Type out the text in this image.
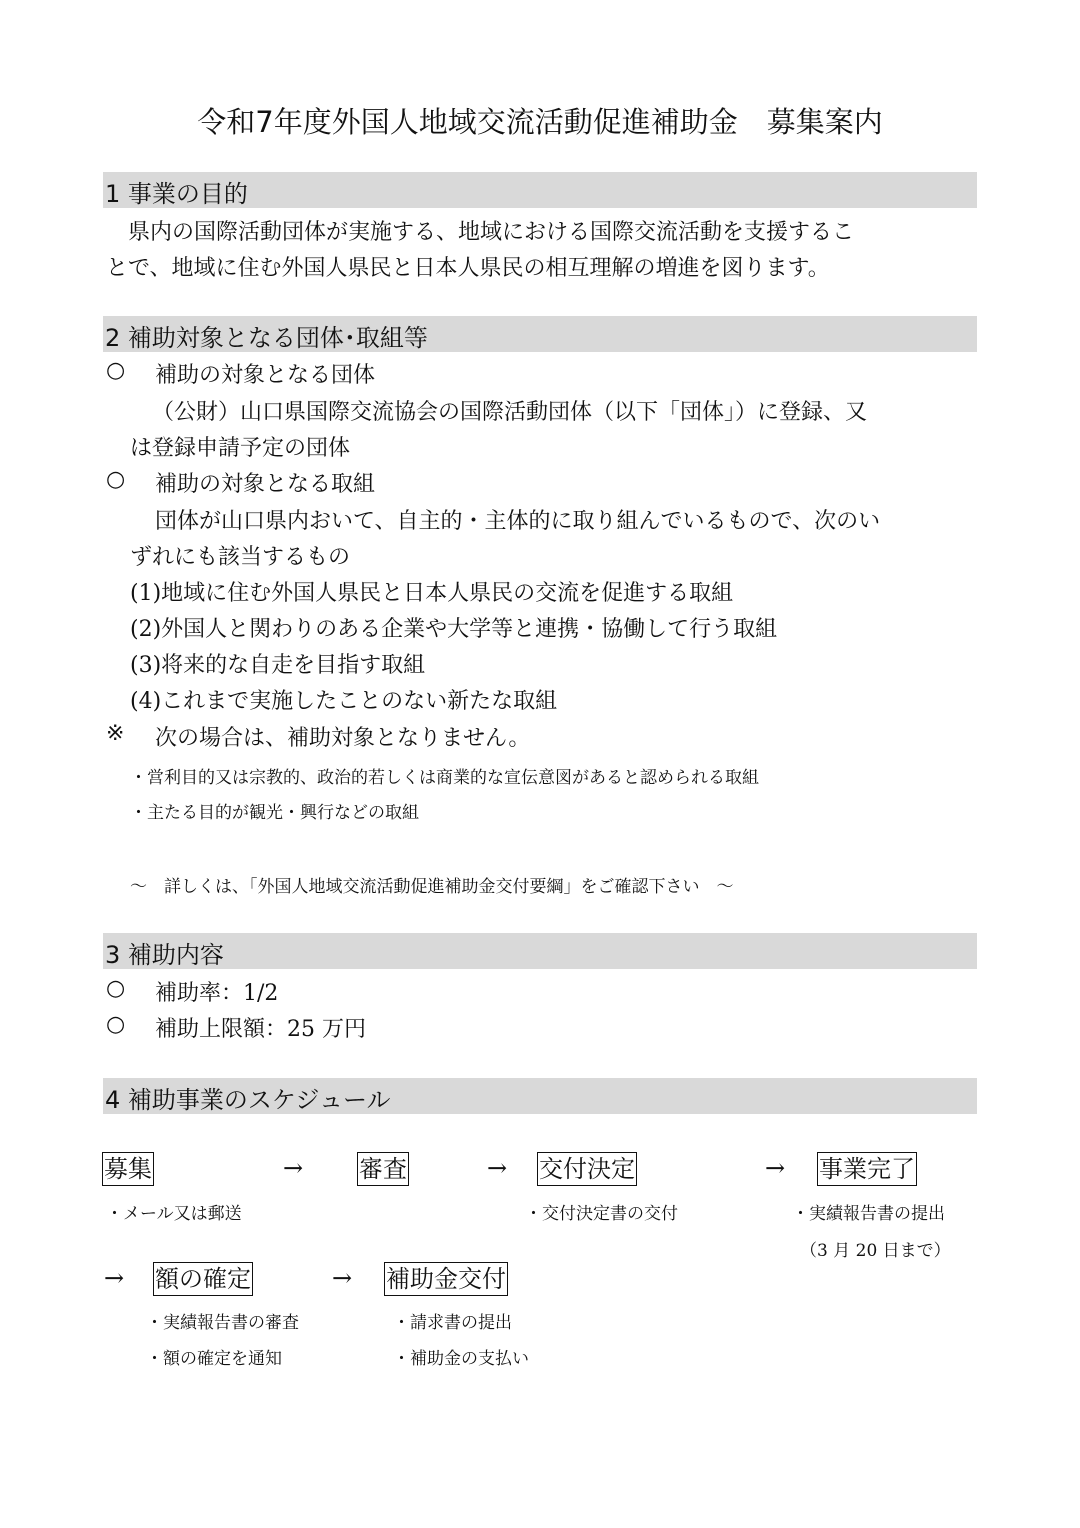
令和7年度外国人地域交流活動促進補助金　募集案内
1 事業の目的
県内の国際活動団体が実施する、地域における国際交流活動を支援するこ
とで、地域に住む外国人県民と日本人県民の相互理解の増進を図ります。
2 補助対象となる団体･取組等
○ 補助の対象となる団体
（公財）山口県国際交流協会の国際活動団体（以下「団体」）に登録、又
は登録申請予定の団体
○ 補助の対象となる取組
団体が山口県内おいて、自主的・主体的に取り組んでいるもので、次のい
ずれにも該当するもの
(1)地域に住む外国人県民と日本人県民の交流を促進する取組
(2)外国人と関わりのある企業や大学等と連携・協働して行う取組
(3)将来的な自走を目指す取組
(4)これまで実施したことのない新たな取組
※ 次の場合は、補助対象となりません。
・営利目的又は宗教的、政治的若しくは商業的な宣伝意図があると認められる取組
・主たる目的が観光・興行などの取組
～　詳しくは、「外国人地域交流活動促進補助金交付要綱」をご確認下さい　～
3 補助内容
○ 補助率：1/2
○ 補助上限額：25 万円
4 補助事業のスケジュール
募集	→ 審査	→ 交付決定	→ 事業完了
・メール又は郵送	・交付決定書の交付	・実績報告書の提出
（3 月 20 日まで）
→ 額の確定	→ 補助金交付
・実績報告書の審査
・額の確定を通知
・請求書の提出
・補助金の支払い
